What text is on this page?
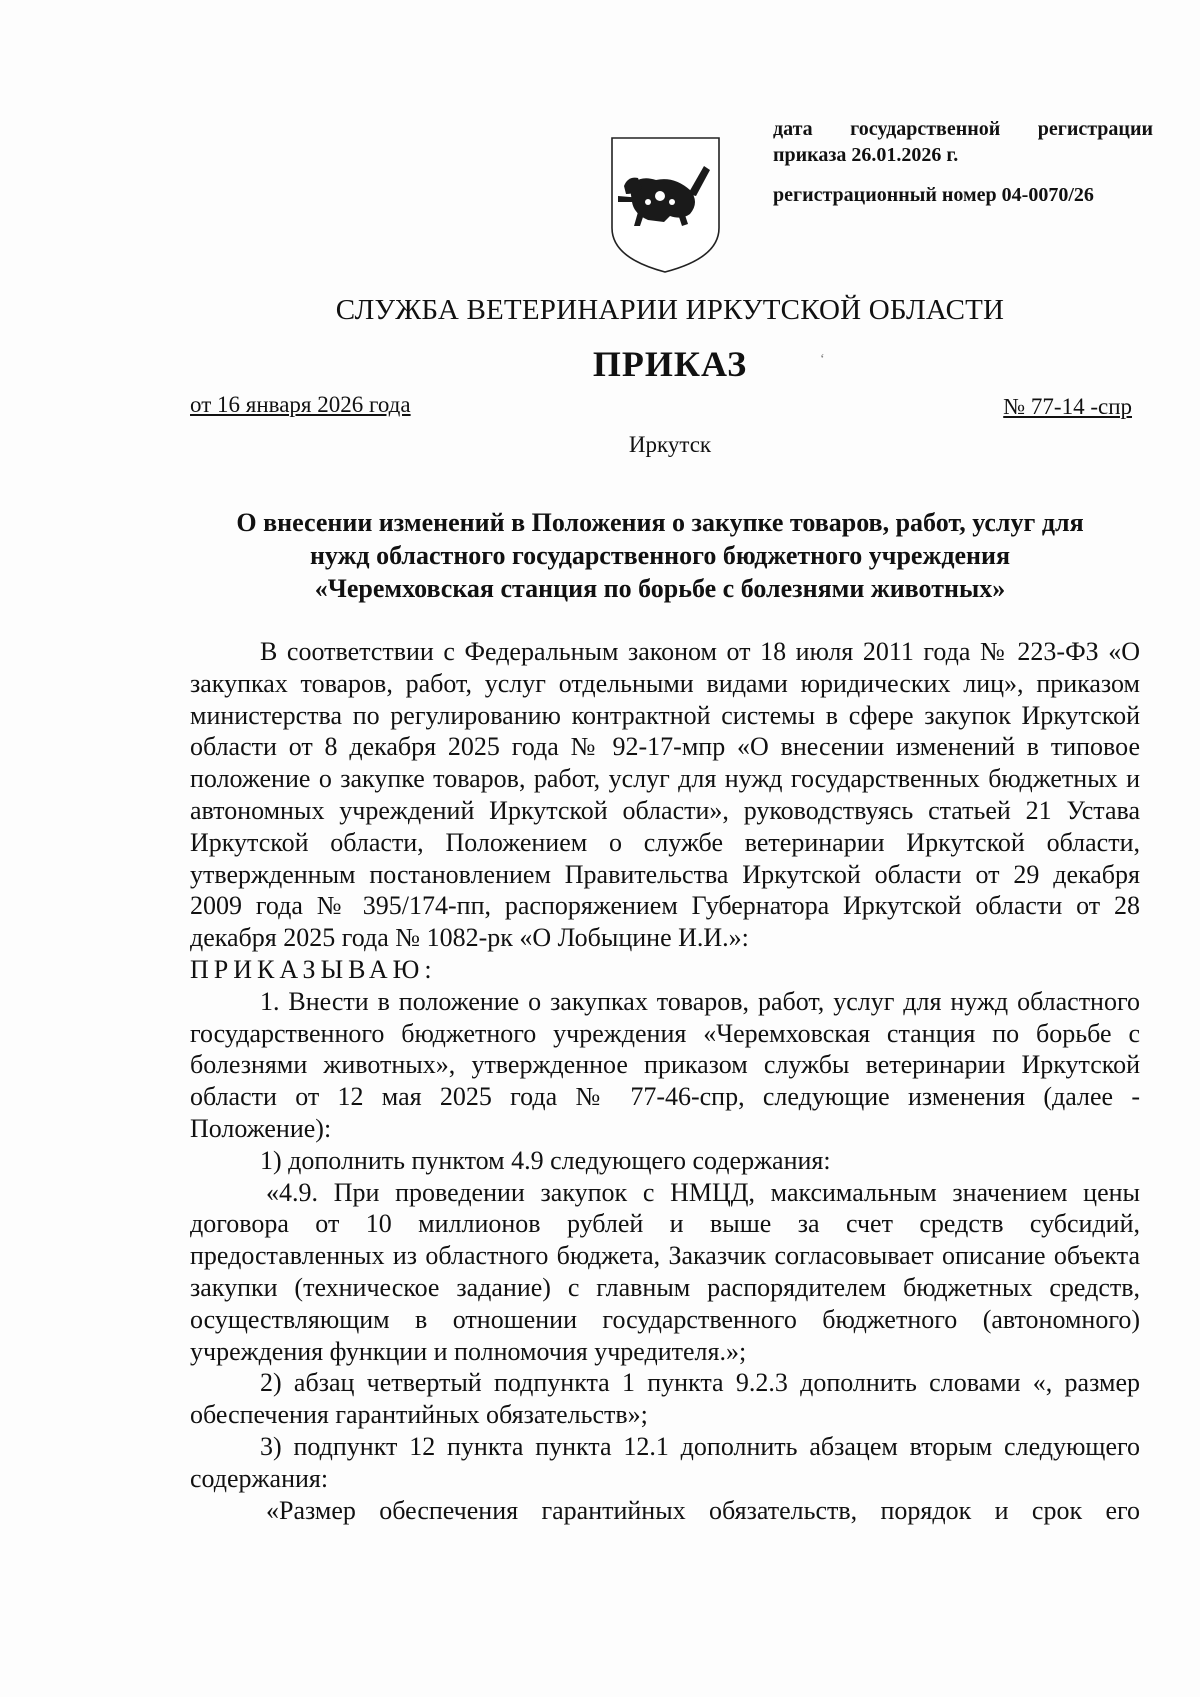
дата государственной регистрации
приказа 26.01.2026 г.
регистрационный номер 04-0070/26
СЛУЖБА ВЕТЕРИНАРИИ ИРКУТСКОЙ ОБЛАСТИ
ПРИКАЗ	ʻ
от 16 января 2026 года	№ 77-14 -спр
Иркутск
О внесении изменений в Положения о закупке товаров, работ, услуг для
нужд областного государственного бюджетного учреждения
«Черемховская станция по борьбе с болезнями животных»

В соответствии с Федеральным законом от 18 июля 2011 года № 223-ФЗ «О закупках товаров, работ, услуг отдельными видами юридических лиц», приказом министерства по регулированию контрактной системы в сфере закупок Иркутской области от 8 декабря 2025 года № 92-17-мпр «О внесении изменений в типовое положение о закупке товаров, работ, услуг для нужд государственных бюджетных и автономных учреждений Иркутской области», руководствуясь статьей 21 Устава Иркутской области, Положением о службе ветеринарии Иркутской области, утвержденным постановлением Правительства Иркутской области от 29 декабря 2009 года № 395/174-пп, распоряжением Губернатора Иркутской области от 28 декабря 2025 года № 1082-рк «О Лобыцине И.И.»:

ПРИКАЗЫВАЮ:

1. Внести в положение о закупках товаров, работ, услуг для нужд областного государственного бюджетного учреждения «Черемховская станция по борьбе с болезнями животных», утвержденное приказом службы ветеринарии Иркутской области от 12 мая 2025 года № 77-46-спр, следующие изменения (далее - Положение):

1) дополнить пунктом 4.9 следующего содержания:

«4.9. При проведении закупок с НМЦД, максимальным значением цены договора от 10 миллионов рублей и выше за счет средств субсидий, предоставленных из областного бюджета, Заказчик согласовывает описание объекта закупки (техническое задание) с главным распорядителем бюджетных средств, осуществляющим в отношении государственного бюджетного (автономного) учреждения функции и полномочия учредителя.»;

2) абзац четвертый подпункта 1 пункта 9.2.3 дополнить словами «, размер обеспечения гарантийных обязательств»;

3) подпункт 12 пункта пункта 12.1 дополнить абзацем вторым следующего содержания:

«Размер обеспечения гарантийных обязательств, порядок и срок его
